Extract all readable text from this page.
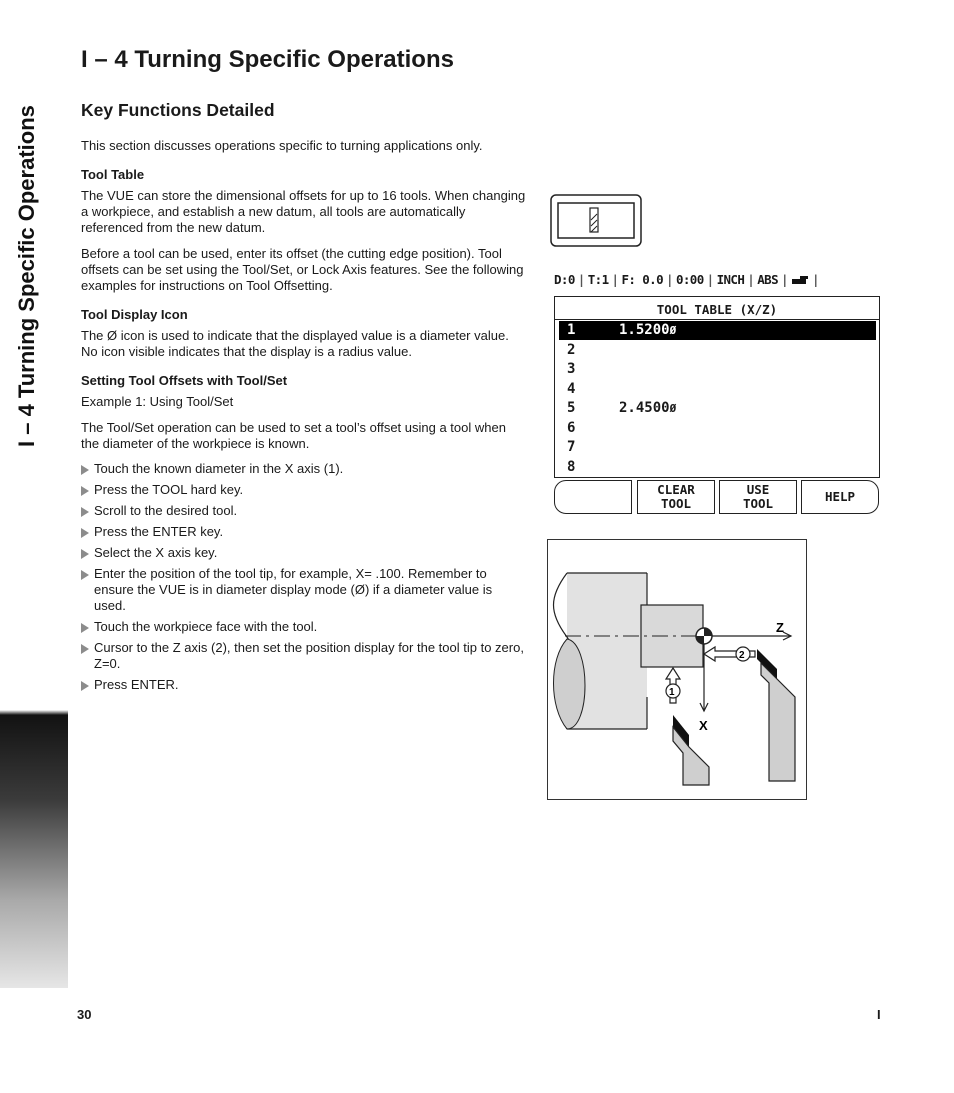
I – 4 Turning Specific Operations
I – 4 Turning Specific Operations
Key Functions Detailed

This section discusses operations specific to turning applications only.

Tool Table

The VUE can store the dimensional offsets for up to 16 tools. When changing a workpiece, and establish a new datum, all tools are automatically referenced from the new datum.

Before a tool can be used, enter its offset (the cutting edge position). Tool offsets can be set using the Tool/Set, or Lock Axis features. See the following examples for instructions on Tool Offsetting.

Tool Display Icon

The Ø icon is used to indicate that the displayed value is a diameter value. No icon visible indicates that the display is a radius value.

Setting Tool Offsets with Tool/Set

Example 1: Using Tool/Set

The Tool/Set operation can be used to set a tool’s offset using a tool when the diameter of the workpiece is known.

Touch the known diameter in the X axis (1).
Press the TOOL hard key.
Scroll to the desired tool.
Press the ENTER key.
Select the X axis key.
Enter the position of the tool tip, for example, X= .100. Remember to ensure the VUE is in diameter display mode (Ø) if a diameter value is used.
Touch the workpiece face with the tool.
Cursor to the Z axis (2), then set the position display for the tool tip to zero, Z=0.
Press ENTER.
D:0 | T:1 | F: 0.0 | 0:00 | INCH | ABS | |
TOOL TABLE (X/Z)
1	1.5200Ø
2
3
4
5	2.4500Ø
6
7
8
CLEAR
TOOL
USE
TOOL	HELP
Z
X
1
2
30	I
